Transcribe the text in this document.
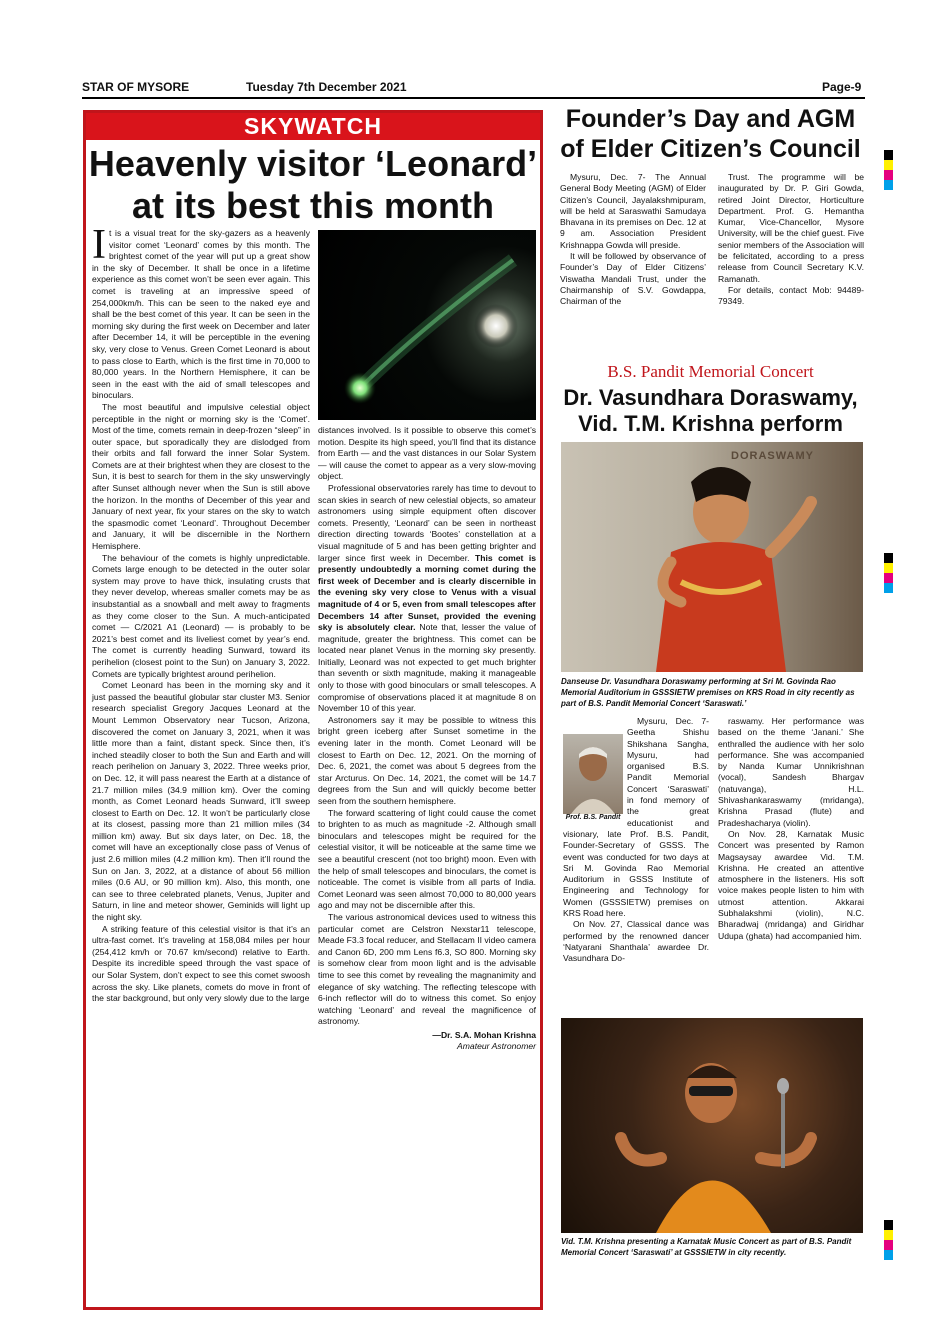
STAR OF MYSORE	Tuesday 7th December 2021	Page-9
SKYWATCH
Heavenly visitor ‘Leonard’
at its best this month

It is a visual treat for the sky-gazers as a heavenly visitor comet ‘Leonard’ comes by this month. The brightest comet of the year will put up a great show in the sky of December. It shall be once in a lifetime experience as this comet won’t be seen ever again. This comet is traveling at an impressive speed of 254,000km/h. This can be seen to the naked eye and shall be the best comet of this year. It can be seen in the morning sky during the first week on December and later after December 14, it will be perceptible in the evening sky, very close to Venus. Green Comet Leonard is about to pass close to Earth, which is the first time in 70,000 to 80,000 years. In the Northern Hemisphere, it can be seen in the east with the aid of small telescopes and binoculars.

The most beautiful and impulsive celestial object perceptible in the night or morning sky is the ‘Comet’. Most of the time, comets remain in deep-frozen “sleep” in outer space, but sporadically they are dislodged from their orbits and fall forward the inner Solar System. Comets are at their brightest when they are closest to the Sun, it is best to search for them in the sky unswervingly after Sunset although never when the Sun is still above the horizon. In the months of December of this year and January of next year, fix your stares on the sky to watch the spasmodic comet ‘Leonard’. Throughout December and January, it will be discernible in the Northern Hemisphere.

The behaviour of the comets is highly unpredictable. Comets large enough to be detected in the outer solar system may prove to have thick, insulating crusts that they never develop, whereas smaller comets may be as insubstantial as a snowball and melt away to fragments as they come closer to the Sun. A much-anticipated comet — C/2021 A1 (Leonard) — is probably to be 2021’s best comet and its liveliest comet by year’s end. The comet is currently heading Sunward, toward its perihelion (closest point to the Sun) on January 3, 2022. Comets are typically brightest around perihelion.

Comet Leonard has been in the morning sky and it just passed the beautiful globular star cluster M3. Senior research specialist Gregory Jacques Leonard at the Mount Lemmon Observatory near Tucson, Arizona, discovered the comet on January 3, 2021, when it was little more than a faint, distant speck. Since then, it’s inched steadily closer to both the Sun and Earth and will reach perihelion on January 3, 2022. Three weeks prior, on Dec. 12, it will pass nearest the Earth at a distance of 21.7 million miles (34.9 million km). Over the coming month, as Comet Leonard heads Sunward, it’ll sweep closest to Earth on Dec. 12. It won’t be particularly close at its closest, passing more than 21 million miles (34 million km) away. But six days later, on Dec. 18, the comet will have an exceptionally close pass of Venus of just 2.6 million miles (4.2 million km). Then it’ll round the Sun on Jan. 3, 2022, at a distance of about 56 million miles (0.6 AU, or 90 million km). Also, this month, one can see to three celebrated planets, Venus, Jupiter and Saturn, in line and meteor shower, Geminids will light up the night sky.

A striking feature of this celestial visitor is that it’s an ultra-fast comet. It’s traveling at 158,084 miles per hour (254,412 km/h or 70.67 km/second) relative to Earth. Despite its incredible speed through the vast space of our Solar System, don’t expect to see this comet swoosh across the sky. Like planets, comets do move in front of the star background, but only very slowly due to the large

distances involved. Is it possible to observe this comet’s motion. Despite its high speed, you’ll find that its distance from Earth — and the vast distances in our Solar System — will cause the comet to appear as a very slow-moving object.

Professional observatories rarely has time to devout to scan skies in search of new celestial objects, so amateur astronomers using simple equipment often discover comets. Presently, ‘Leonard’ can be seen in northeast direction directing towards ‘Bootes’ constellation at a visual magnitude of 5 and has been getting brighter and larger since first week in December. This comet is presently undoubtedly a morning comet during the first week of December and is clearly discernible in the evening sky very close to Venus with a visual magnitude of 4 or 5, even from small telescopes after Decembers 14 after Sunset, provided the evening sky is absolutely clear. Note that, lesser the value of magnitude, greater the brightness. This comet can be located near planet Venus in the morning sky presently. Initially, Leonard was not expected to get much brighter than seventh or sixth magnitude, making it manageable only to those with good binoculars or small telescopes. A compromise of observations placed it at magnitude 8 on November 10 of this year.

Astronomers say it may be possible to witness this bright green iceberg after Sunset sometime in the evening later in the month. Comet Leonard will be closest to Earth on Dec. 12, 2021. On the morning of Dec. 6, 2021, the comet was about 5 degrees from the star Arcturus. On Dec. 14, 2021, the comet will be 14.7 degrees from the Sun and will quickly become better seen from the southern hemisphere.

The forward scattering of light could cause the comet to brighten to as much as magnitude -2. Although small binoculars and telescopes might be required for the celestial visitor, it will be noticeable at the same time we see a beautiful crescent (not too bright) moon. Even with the help of small telescopes and binoculars, the comet is noticeable. The comet is visible from all parts of India. Comet Leonard was seen almost 70,000 to 80,000 years ago and may not be discernible after this.

The various astronomical devices used to witness this particular comet are Celstron Nexstar11 telescope, Meade F3.3 focal reducer, and Stellacam II video camera and Canon 6D, 200 mm Lens f6.3, SO 800. Morning sky is somehow clear from moon light and is the advisable time to see this comet by revealing the magnanimity and elegance of sky watching. The reflecting telescope with 6-inch reflector will do to witness this comet. So enjoy watching ‘Leonard’ and reveal the magnificence of astronomy.

—Dr. S.A. Mohan Krishna
Amateur Astronomer
Founder’s Day and AGM
of Elder Citizen’s Council

Mysuru, Dec. 7- The Annual General Body Meeting (AGM) of Elder Citizen’s Council, Jayalakshmipuram, will be held at Saraswathi Samudaya Bhavana in its premises on Dec. 12 at 9 am. Association President Krishnappa Gowda will preside.

It will be followed by observance of Founder’s Day of Elder Citizens’ Viswatha Mandali Trust, under the Chairmanship of S.V. Gowdappa, Chairman of the

Trust. The programme will be inaugurated by Dr. P. Giri Gowda, retired Joint Director, Horticulture Department. Prof. G. Hemantha Kumar, Vice-Chancellor, Mysore University, will be the chief guest. Five senior members of the Association will be felicitated, according to a press release from Council Secretary K.V. Ramanath.

For details, contact Mob: 94489-79349.

B.S. Pandit Memorial Concert
Dr. Vasundhara Doraswamy,
Vid. T.M. Krishna perform
DORASWAMY
Danseuse Dr. Vasundhara Doraswamy performing at Sri M. Govinda Rao Memorial Auditorium in GSSSIETW premises on KRS Road in city recently as part of B.S. Pandit Memorial Concert ‘Saraswati.’
Prof. B.S. Pandit

Mysuru, Dec. 7- Geetha Shishu Shikshana Sangha, Mysuru, had organised B.S. Pandit Memorial Concert ‘Saraswati’ in fond memory of the great educationist and visionary, late Prof. B.S. Pandit, Founder-Secretary of GSSS. The event was conducted for two days at Sri M. Govinda Rao Memorial Auditorium in GSSS Institute of Engineering and Technology for Women (GSSSIETW) premises on KRS Road here.

On Nov. 27, Classical dance was performed by the renowned dancer ‘Natyarani Shanthala’ awardee Dr. Vasundhara Do-

raswamy. Her performance was based on the theme ‘Janani.’ She enthralled the audience with her solo performance. She was accompanied by Nanda Kumar Unnikrishnan (vocal), Sandesh Bhargav (natuvanga), H.L. Shivashankaraswamy (mridanga), Krishna Prasad (flute) and Pradeshacharya (violin).

On Nov. 28, Karnatak Music Concert was presented by Ramon Magsaysay awardee Vid. T.M. Krishna. He created an attentive atmosphere in the listeners. His soft voice makes people listen to him with utmost attention. Akkarai Subhalakshmi (violin), N.C. Bharadwaj (mridanga) and Giridhar Udupa (ghata) had accompanied him.

Vid. T.M. Krishna presenting a Karnatak Music Concert as part of B.S. Pandit Memorial Concert ‘Saraswati’ at GSSSIETW in city recently.
